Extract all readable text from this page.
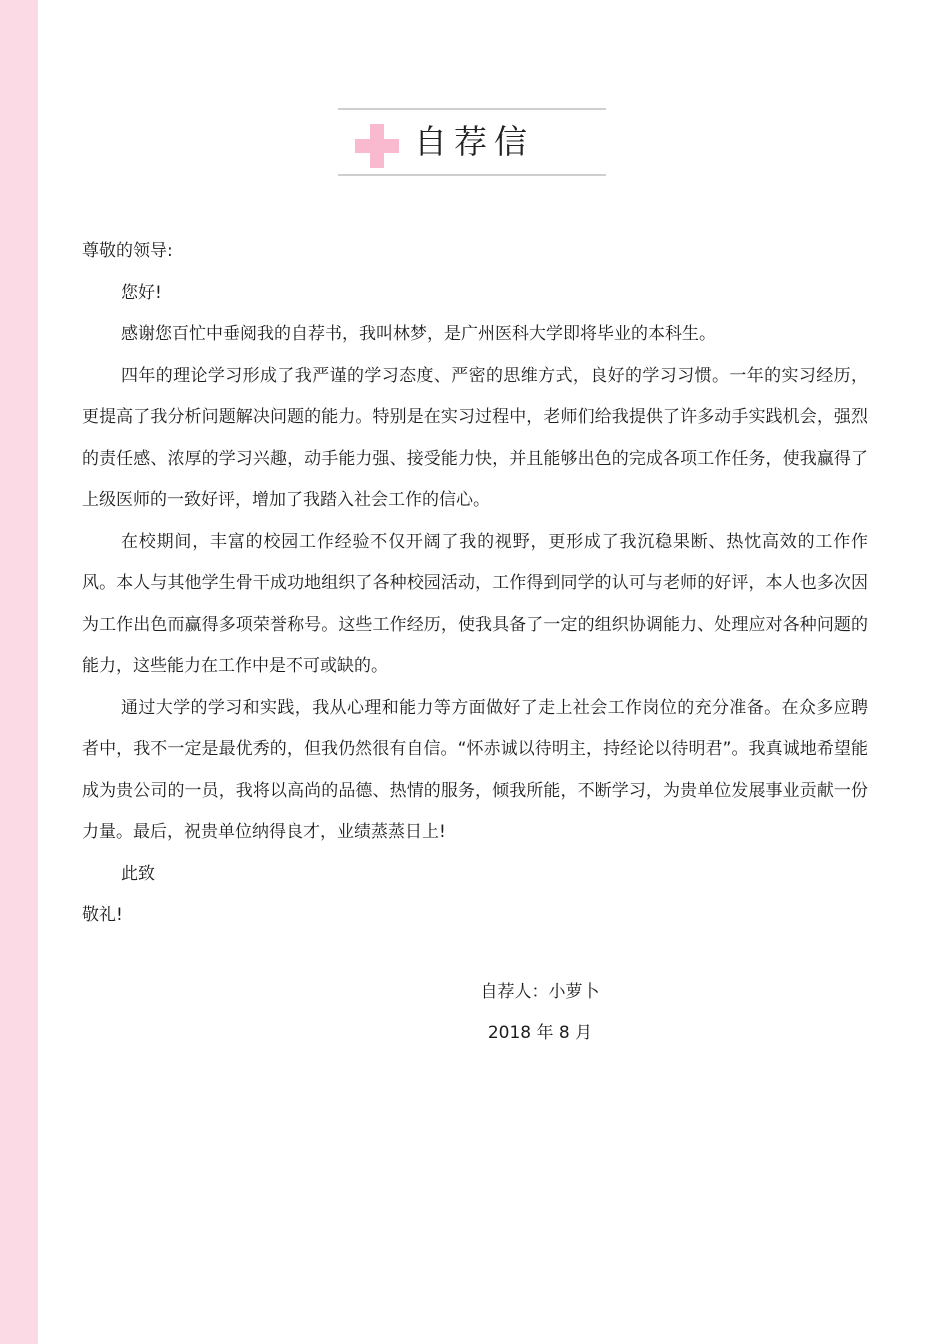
自荐信

尊敬的领导:

您好!

感谢您百忙中垂阅我的自荐书，我叫林梦，是广州医科大学即将毕业的本科生。

四年的理论学习形成了我严谨的学习态度、严密的思维方式，良好的学习习惯。一年的实习经历，更提高了我分析问题解决问题的能力。特别是在实习过程中，老师们给我提供了许多动手实践机会，强烈的责任感、浓厚的学习兴趣，动手能力强、接受能力快，并且能够出色的完成各项工作任务，使我赢得了上级医师的一致好评，增加了我踏入社会工作的信心。

在校期间，丰富的校园工作经验不仅开阔了我的视野，更形成了我沉稳果断、热忱高效的工作作风。本人与其他学生骨干成功地组织了各种校园活动，工作得到同学的认可与老师的好评，本人也多次因为工作出色而赢得多项荣誉称号。这些工作经历，使我具备了一定的组织协调能力、处理应对各种问题的能力，这些能力在工作中是不可或缺的。

通过大学的学习和实践，我从心理和能力等方面做好了走上社会工作岗位的充分准备。在众多应聘者中，我不一定是最优秀的，但我仍然很有自信。“怀赤诚以待明主，持经论以待明君”。我真诚地希望能成为贵公司的一员，我将以高尚的品德、热情的服务，倾我所能，不断学习，为贵单位发展事业贡献一份力量。最后，祝贵单位纳得良才，业绩蒸蒸日上!

此致

敬礼!

自荐人：小萝卜
2018 年 8 月
